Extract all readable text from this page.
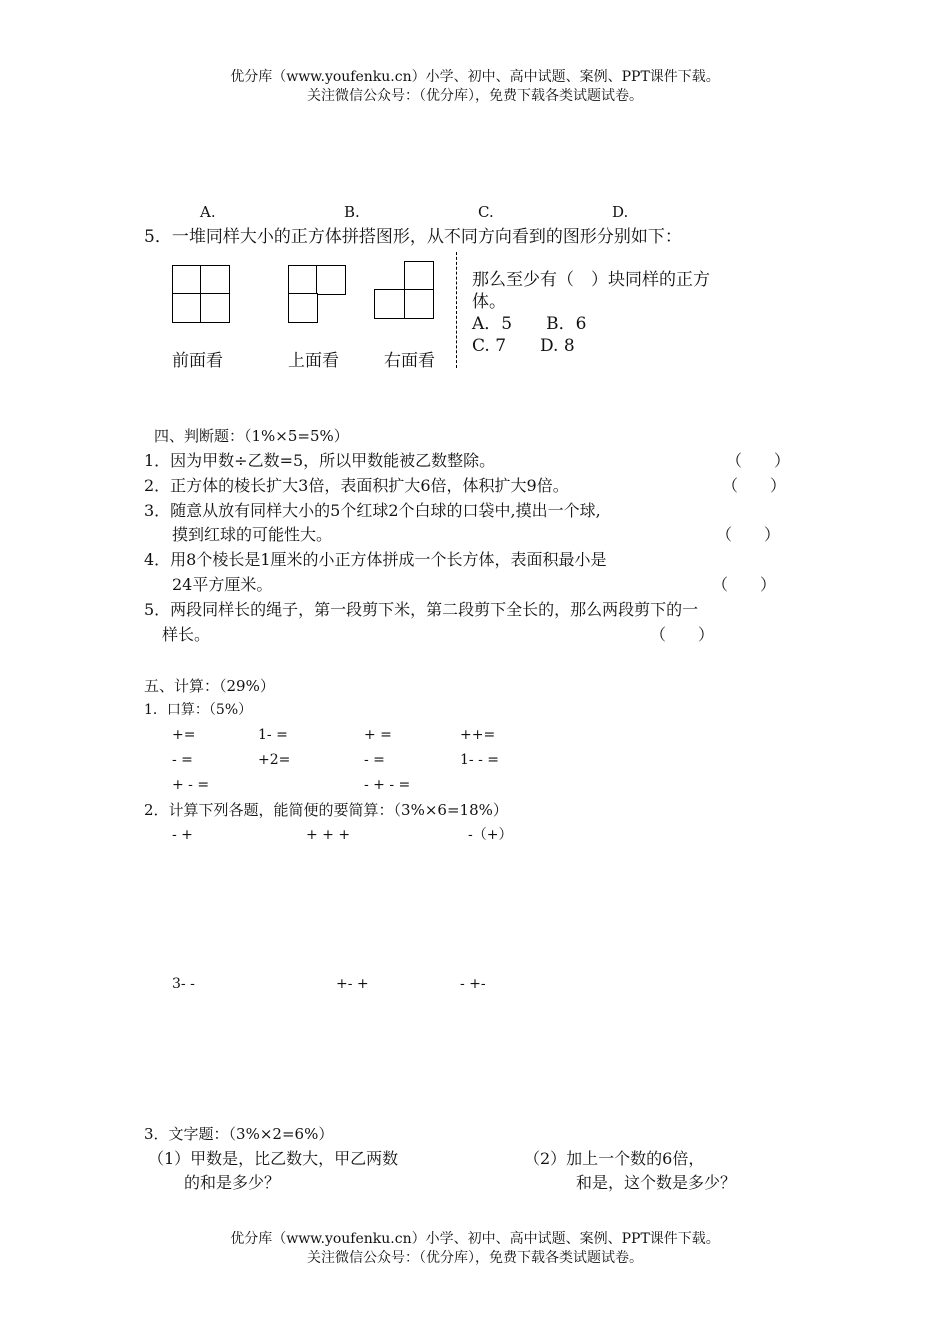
优分库（www.youfenku.cn）小学、初中、高中试题、案例、PPT课件下载。
关注微信公众号：（优分库），免费下载各类试题试卷。
A.	B.	C.	D.
5．一堆同样大小的正方体拼搭图形，从不同方向看到的图形分别如下：
前面看	上面看	右面看
那么至少有（　）块同样的正方
体。
A．5　　B．6
C. 7　　D. 8
四、判断题：（1%×5=5%）
1．因为甲数÷乙数=5，所以甲数能被乙数整除。	（　　）
2．正方体的棱长扩大3倍，表面积扩大6倍，体积扩大9倍。	（　　）
3．随意从放有同样大小的5个红球2个白球的口袋中,摸出一个球,
摸到红球的可能性大。	（　　）
4．用8个棱长是1厘米的小正方体拼成一个长方体，表面积最小是
24平方厘米。	（　　）
5．两段同样长的绳子，第一段剪下米，第二段剪下全长的，那么两段剪下的一
样长。	（　　）
五、计算：（29%）
1．口算：（5%）
+=	1- =	+ =	++=
- =	+2=	- =	1- - =
+ - =	- + - =
2．计算下列各题，能简便的要简算：（3%×6=18%）
- +	+ + +	-（+）
3- -	+- +	- +-
3．文字题：（3%×2=6%）
（1）甲数是，比乙数大，甲乙两数
的和是多少？
（2）加上一个数的6倍，
和是，这个数是多少？
优分库（www.youfenku.cn）小学、初中、高中试题、案例、PPT课件下载。
关注微信公众号：（优分库），免费下载各类试题试卷。
